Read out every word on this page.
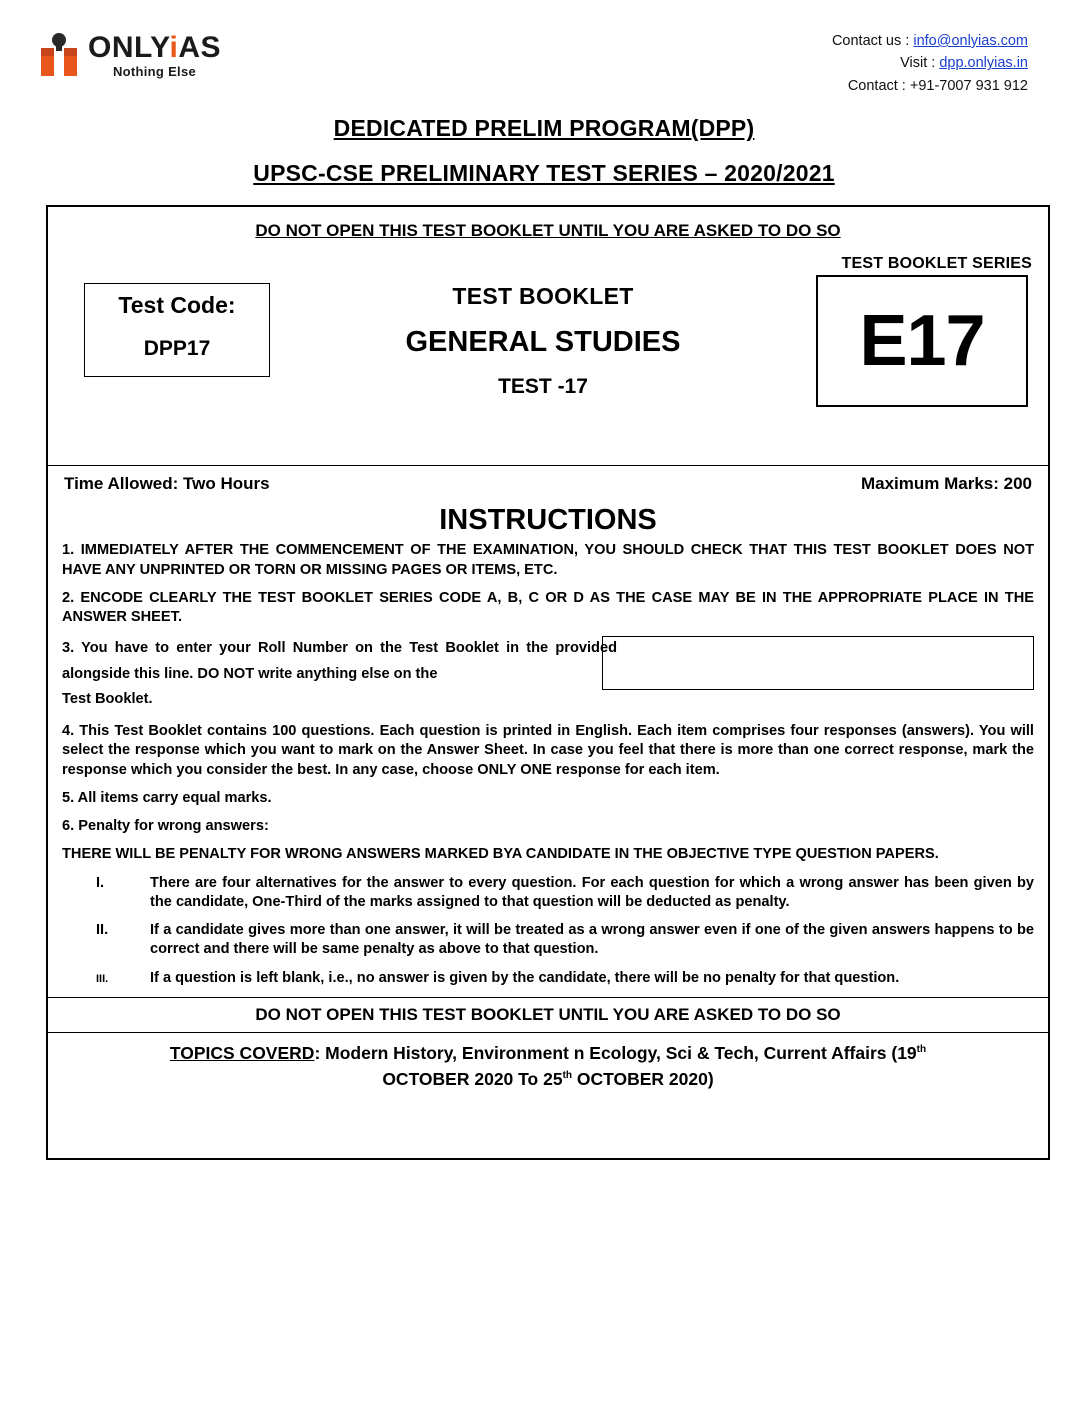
ONLYiAS
Nothing Else
Contact us : info@onlyias.com
Visit : dpp.onlyias.in
Contact : +91-7007 931 912
DEDICATED PRELIM PROGRAM(DPP)
UPSC-CSE PRELIMINARY TEST SERIES – 2020/2021
DO NOT OPEN THIS TEST BOOKLET UNTIL YOU ARE ASKED TO DO SO
TEST BOOKLET SERIES
Test Code:
DPP17
TEST BOOKLET
GENERAL STUDIES
TEST -17
E17
Time Allowed: Two Hours	Maximum Marks: 200
INSTRUCTIONS
1. IMMEDIATELY AFTER THE COMMENCEMENT OF THE EXAMINATION, YOU SHOULD CHECK THAT THIS TEST BOOKLET DOES NOT HAVE ANY UNPRINTED OR TORN OR MISSING PAGES OR ITEMS, ETC.
2. ENCODE CLEARLY THE TEST BOOKLET SERIES CODE A, B, C OR D AS THE CASE MAY BE IN THE APPROPRIATE PLACE IN THE ANSWER SHEET.
3. You have to enter your Roll Number on the Test Booklet in the provided alongside this line. DO NOT write anything else on the
Test Booklet.
4. This Test Booklet contains 100 questions. Each question is printed in English. Each item comprises four responses (answers). You will select the response which you want to mark on the Answer Sheet. In case you feel that there is more than one correct response, mark the response which you consider the best. In any case, choose ONLY ONE response for each item.
5. All items carry equal marks.
6. Penalty for wrong answers:
THERE WILL BE PENALTY FOR WRONG ANSWERS MARKED BYA CANDIDATE IN THE OBJECTIVE TYPE QUESTION PAPERS.
I.	There are four alternatives for the answer to every question. For each question for which a wrong answer has been given by the candidate, One-Third of the marks assigned to that question will be deducted as penalty.
II.	If a candidate gives more than one answer, it will be treated as a wrong answer even if one of the given answers happens to be correct and there will be same penalty as above to that question.
III.	If a question is left blank, i.e., no answer is given by the candidate, there will be no penalty for that question.
DO NOT OPEN THIS TEST BOOKLET UNTIL YOU ARE ASKED TO DO SO
TOPICS COVERD: Modern History, Environment n Ecology, Sci & Tech, Current Affairs (19th
OCTOBER 2020 To 25th OCTOBER 2020)
